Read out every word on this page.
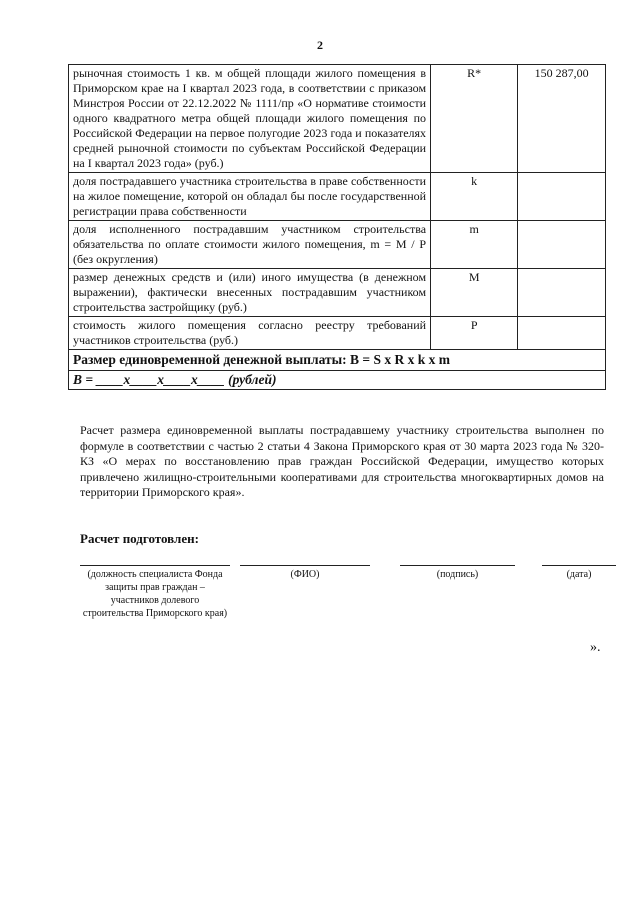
2
рыночная стоимость 1 кв. м общей площади жилого помещения в Приморском крае на I квартал 2023 года, в соответствии с приказом Минстроя России от 22.12.2022 № 1111/пр «О нормативе стоимости одного квадратного метра общей площади жилого помещения по Российской Федерации на первое полугодие 2023 года и показателях средней рыночной стоимости по субъектам Российской Федерации на I квартал 2023 года» (руб.)	R*	150 287,00
доля пострадавшего участника строительства в праве собственности на жилое помещение, которой он обладал бы после государственной регистрации права собственности	k	
доля исполненного пострадавшим участником строительства обязательства по оплате стоимости жилого помещения, m = M / P (без округления)	m	
размер денежных средств и (или) иного имущества (в денежном выражении), фактически внесенных пострадавшим участником строительства застройщику (руб.)	M	
стоимость жилого помещения согласно реестру требований участников строительства (руб.)	P	
Размер единовременной денежной выплаты: B = S x R x k x m		
B = ____x____x____x____ (рублей)		
Расчет размера единовременной выплаты пострадавшему участнику строительства выполнен по формуле в соответствии с частью 2 статьи 4 Закона Приморского края от 30 марта 2023 года № 320-КЗ «О мерах по восстановлению прав граждан Российской Федерации, имущество которых привлечено жилищно-строительными кооперативами для строительства многоквартирных домов на территории Приморского края».
Расчет подготовлен:
(должность специалиста Фонда защиты прав граждан – участников долевого строительства Приморского края)
(ФИО)	(подпись)	(дата)
».
